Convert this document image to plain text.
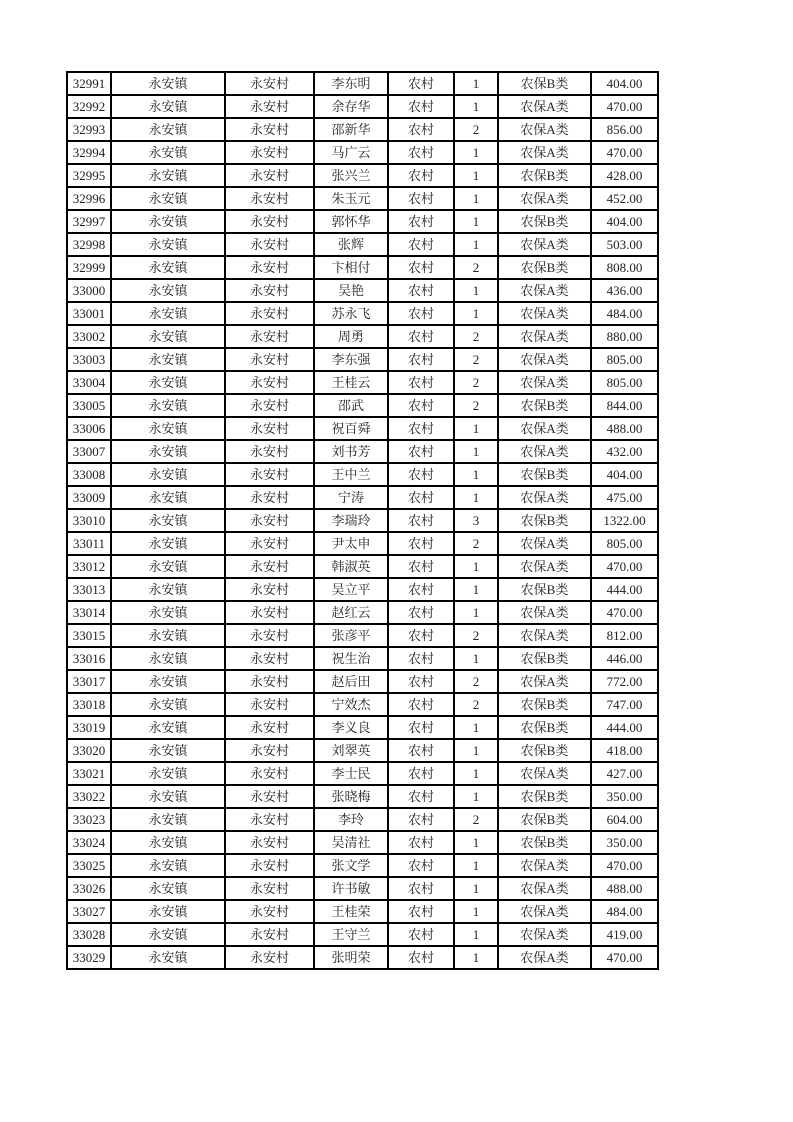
32991	永安镇	永安村	李东明	农村	1	农保B类	404.00
32992	永安镇	永安村	余存华	农村	1	农保A类	470.00
32993	永安镇	永安村	邵新华	农村	2	农保A类	856.00
32994	永安镇	永安村	马广云	农村	1	农保A类	470.00
32995	永安镇	永安村	张兴兰	农村	1	农保B类	428.00
32996	永安镇	永安村	朱玉元	农村	1	农保A类	452.00
32997	永安镇	永安村	郭怀华	农村	1	农保B类	404.00
32998	永安镇	永安村	张辉	农村	1	农保A类	503.00
32999	永安镇	永安村	卞相付	农村	2	农保B类	808.00
33000	永安镇	永安村	吴艳	农村	1	农保A类	436.00
33001	永安镇	永安村	苏永飞	农村	1	农保A类	484.00
33002	永安镇	永安村	周勇	农村	2	农保A类	880.00
33003	永安镇	永安村	李东强	农村	2	农保A类	805.00
33004	永安镇	永安村	王桂云	农村	2	农保A类	805.00
33005	永安镇	永安村	邵武	农村	2	农保B类	844.00
33006	永安镇	永安村	祝百舜	农村	1	农保A类	488.00
33007	永安镇	永安村	刘书芳	农村	1	农保A类	432.00
33008	永安镇	永安村	王中兰	农村	1	农保B类	404.00
33009	永安镇	永安村	宁涛	农村	1	农保A类	475.00
33010	永安镇	永安村	李瑞玲	农村	3	农保B类	1322.00
33011	永安镇	永安村	尹太申	农村	2	农保A类	805.00
33012	永安镇	永安村	韩淑英	农村	1	农保A类	470.00
33013	永安镇	永安村	吴立平	农村	1	农保B类	444.00
33014	永安镇	永安村	赵红云	农村	1	农保A类	470.00
33015	永安镇	永安村	张彦平	农村	2	农保A类	812.00
33016	永安镇	永安村	祝生治	农村	1	农保B类	446.00
33017	永安镇	永安村	赵后田	农村	2	农保A类	772.00
33018	永安镇	永安村	宁效杰	农村	2	农保B类	747.00
33019	永安镇	永安村	李义良	农村	1	农保B类	444.00
33020	永安镇	永安村	刘翠英	农村	1	农保B类	418.00
33021	永安镇	永安村	李士民	农村	1	农保A类	427.00
33022	永安镇	永安村	张晓梅	农村	1	农保B类	350.00
33023	永安镇	永安村	李玲	农村	2	农保B类	604.00
33024	永安镇	永安村	吴清社	农村	1	农保B类	350.00
33025	永安镇	永安村	张文学	农村	1	农保A类	470.00
33026	永安镇	永安村	许书敏	农村	1	农保A类	488.00
33027	永安镇	永安村	王桂荣	农村	1	农保A类	484.00
33028	永安镇	永安村	王守兰	农村	1	农保A类	419.00
33029	永安镇	永安村	张明荣	农村	1	农保A类	470.00
